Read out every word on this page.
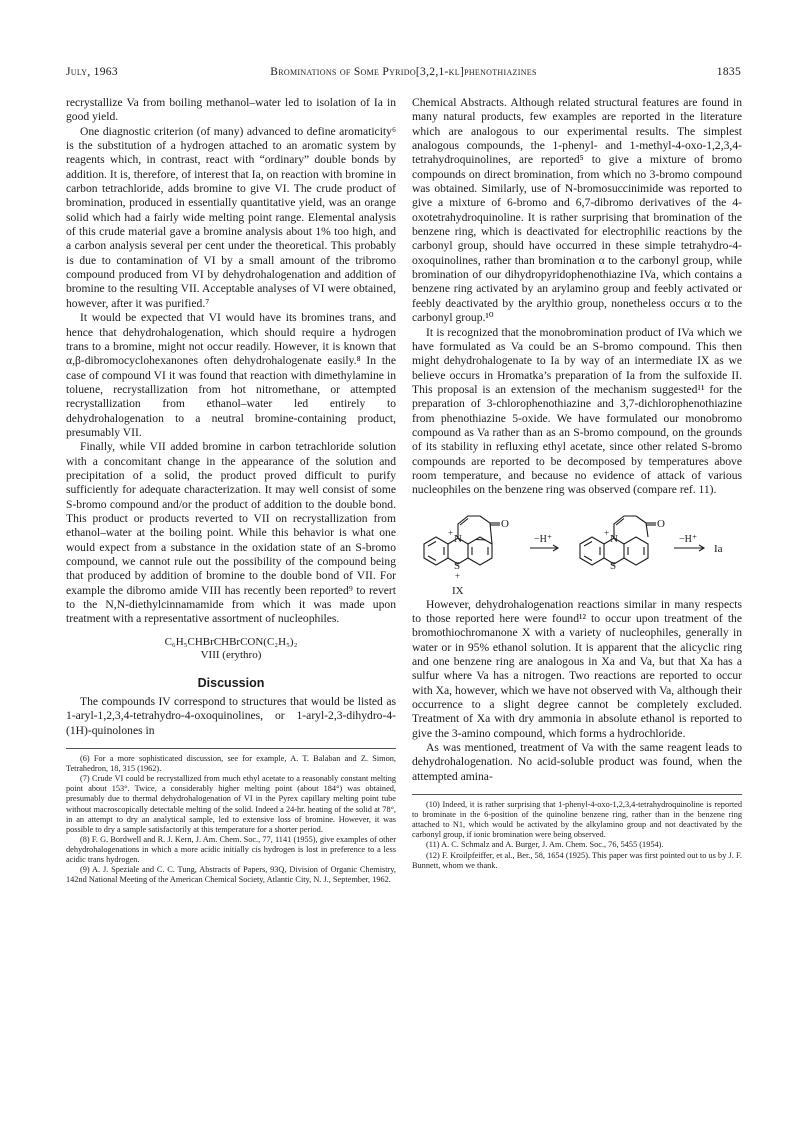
July, 1963	Brominations of Some Pyrido[3,2,1-kl]phenothiazines	1835

recrystallize Va from boiling methanol–water led to isolation of Ia in good yield.

One diagnostic criterion (of many) advanced to define aromaticity⁶ is the substitution of a hydrogen attached to an aromatic system by reagents which, in contrast, react with “ordinary” double bonds by addition. It is, therefore, of interest that Ia, on reaction with bromine in carbon tetrachloride, adds bromine to give VI. The crude product of bromination, produced in essentially quantitative yield, was an orange solid which had a fairly wide melting point range. Elemental analysis of this crude material gave a bromine analysis about 1% too high, and a carbon analysis several per cent under the theoretical. This probably is due to contamination of VI by a small amount of the tribromo compound produced from VI by dehydrohalogenation and addition of bromine to the resulting VII. Acceptable analyses of VI were obtained, however, after it was purified.⁷

It would be expected that VI would have its bromines trans, and hence that dehydrohalogenation, which should require a hydrogen trans to a bromine, might not occur readily. However, it is known that α,β-dibromocyclohexanones often dehydrohalogenate easily.⁸ In the case of compound VI it was found that reaction with dimethylamine in toluene, recrystallization from hot nitromethane, or attempted recrystallization from ethanol–water led entirely to dehydrohalogenation to a neutral bromine-containing product, presumably VII.

Finally, while VII added bromine in carbon tetrachloride solution with a concomitant change in the appearance of the solution and precipitation of a solid, the product proved difficult to purify sufficiently for adequate characterization. It may well consist of some S-bromo compound and/or the product of addition to the double bond. This product or products reverted to VII on recrystallization from ethanol–water at the boiling point. While this behavior is what one would expect from a substance in the oxidation state of an S-bromo compound, we cannot rule out the possibility of the compound being that produced by addition of bromine to the double bond of VII. For example the dibromo amide VIII has recently been reported⁹ to revert to the N,N-diethylcinnamamide from which it was made upon treatment with a representative assortment of nucleophiles.

C₆H₅CHBrCHBrCON(C₂H₅)₂
VIII (erythro)
Discussion

The compounds IV correspond to structures that would be listed as 1-aryl-1,2,3,4-tetrahydro-4-oxoquinolines, or 1-aryl-2,3-dihydro-4-(1H)-quinolones in

(6) For a more sophisticated discussion, see for example, A. T. Balaban and Z. Simon, Tetrahedron, 18, 315 (1962).

(7) Crude VI could be recrystallized from much ethyl acetate to a reasonably constant melting point about 153°. Twice, a considerably higher melting point (about 184°) was obtained, presumably due to thermal dehydrohalogenation of VI in the Pyrex capillary melting point tube without macroscopically detectable melting of the solid. Indeed a 24-hr. heating of the solid at 78°, in an attempt to dry an analytical sample, led to extensive loss of bromine. However, it was possible to dry a sample satisfactorily at this temperature for a shorter period.

(8) F. G. Bordwell and R. J. Kern, J. Am. Chem. Soc., 77, 1141 (1955), give examples of other dehydrohalogenations in which a more acidic initially cis hydrogen is lost in preference to a less acidic trans hydrogen.

(9) A. J. Speziale and C. C. Tung, Abstracts of Papers, 93Q, Division of Organic Chemistry, 142nd National Meeting of the American Chemical Society, Atlantic City, N. J., September, 1962.

Chemical Abstracts. Although related structural features are found in many natural products, few examples are reported in the literature which are analogous to our experimental results. The simplest analogous compounds, the 1-phenyl- and 1-methyl-4-oxo-1,2,3,4-tetrahydroquinolines, are reported⁵ to give a mixture of bromo compounds on direct bromination, from which no 3-bromo compound was obtained. Similarly, use of N-bromosuccinimide was reported to give a mixture of 6-bromo and 6,7-dibromo derivatives of the 4-oxotetrahydroquinoline. It is rather surprising that bromination of the benzene ring, which is deactivated for electrophilic reactions by the carbonyl group, should have occurred in these simple tetrahydro-4-oxoquinolines, rather than bromination α to the carbonyl group, while bromination of our dihydropyridophenothiazine IVa, which contains a benzene ring activated by an arylamino group and feebly activated or feebly deactivated by the arylthio group, nonetheless occurs α to the carbonyl group.¹⁰

It is recognized that the monobromination product of IVa which we have formulated as Va could be an S-bromo compound. This then might dehydrohalogenate to Ia by way of an intermediate IX as we believe occurs in Hromatka’s preparation of Ia from the sulfoxide II. This proposal is an extension of the mechanism suggested¹¹ for the preparation of 3-chlorophenothiazine and 3,7-dichlorophenothiazine from phenothiazine 5-oxide. We have formulated our monobromo compound as Va rather than as an S-bromo compound, on the grounds of its stability in refluxing ethyl acetate, since other related S-bromo compounds are reported to be decomposed by temperatures above room temperature, and because no evidence of attack of various nucleophiles on the benzene ring was observed (compare ref. 11).

N
+
S
+
O
IX
−H⁺	N
+
S
O
−H⁺
Ia

However, dehydrohalogenation reactions similar in many respects to those reported here were found¹² to occur upon treatment of the bromothiochromanone X with a variety of nucleophiles, generally in water or in 95% ethanol solution. It is apparent that the alicyclic ring and one benzene ring are analogous in Xa and Va, but that Xa has a sulfur where Va has a nitrogen. Two reactions are reported to occur with Xa, however, which we have not observed with Va, although their occurrence to a slight degree cannot be completely excluded. Treatment of Xa with dry ammonia in absolute ethanol is reported to give the 3-amino compound, which forms a hydrochloride.

As was mentioned, treatment of Va with the same reagent leads to dehydrohalogenation. No acid-soluble product was found, when the attempted amina-

(10) Indeed, it is rather surprising that 1-phenyl-4-oxo-1,2,3,4-tetrahydroquinoline is reported to brominate in the 6-position of the quinoline benzene ring, rather than in the benzene ring attached to N1, which would be activated by the alkylamino group and not deactivated by the carbonyl group, if ionic bromination were being observed.

(11) A. C. Schmalz and A. Burger, J. Am. Chem. Soc., 76, 5455 (1954).

(12) F. Kroilpfeiffer, et al., Ber., 58, 1654 (1925). This paper was first pointed out to us by J. F. Bunnett, whom we thank.
